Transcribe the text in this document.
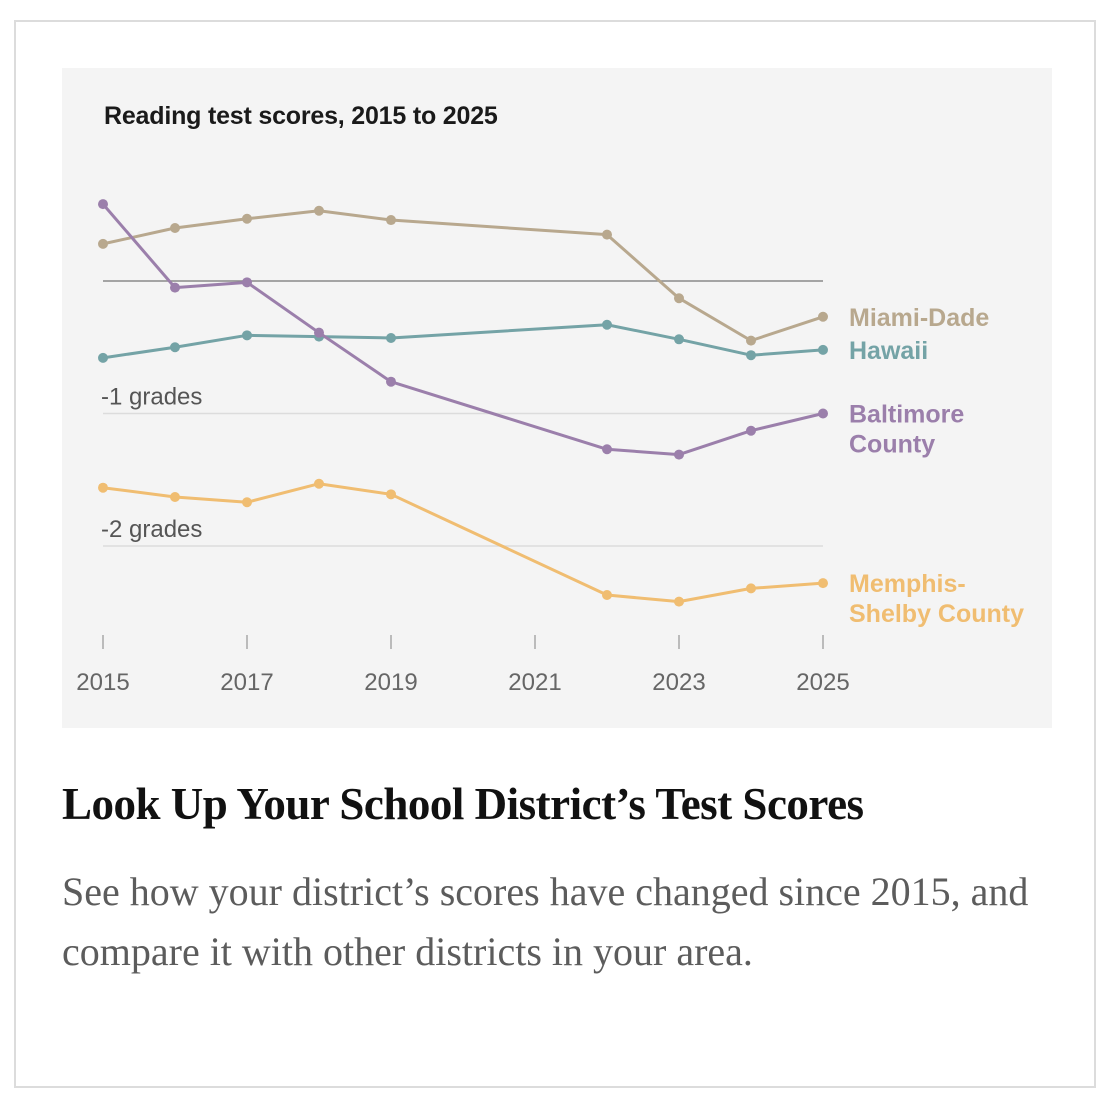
Reading test scores, 2015 to 2025
-1 grades
-2 grades
2015	2017	2019	2021	2023	2025
Miami-Dade
Hawaii
Baltimore County
Memphis-Shelby County
Look Up Your School District’s Test Scores

See how your district’s scores have changed since 2015, and compare it with other districts in your area.
